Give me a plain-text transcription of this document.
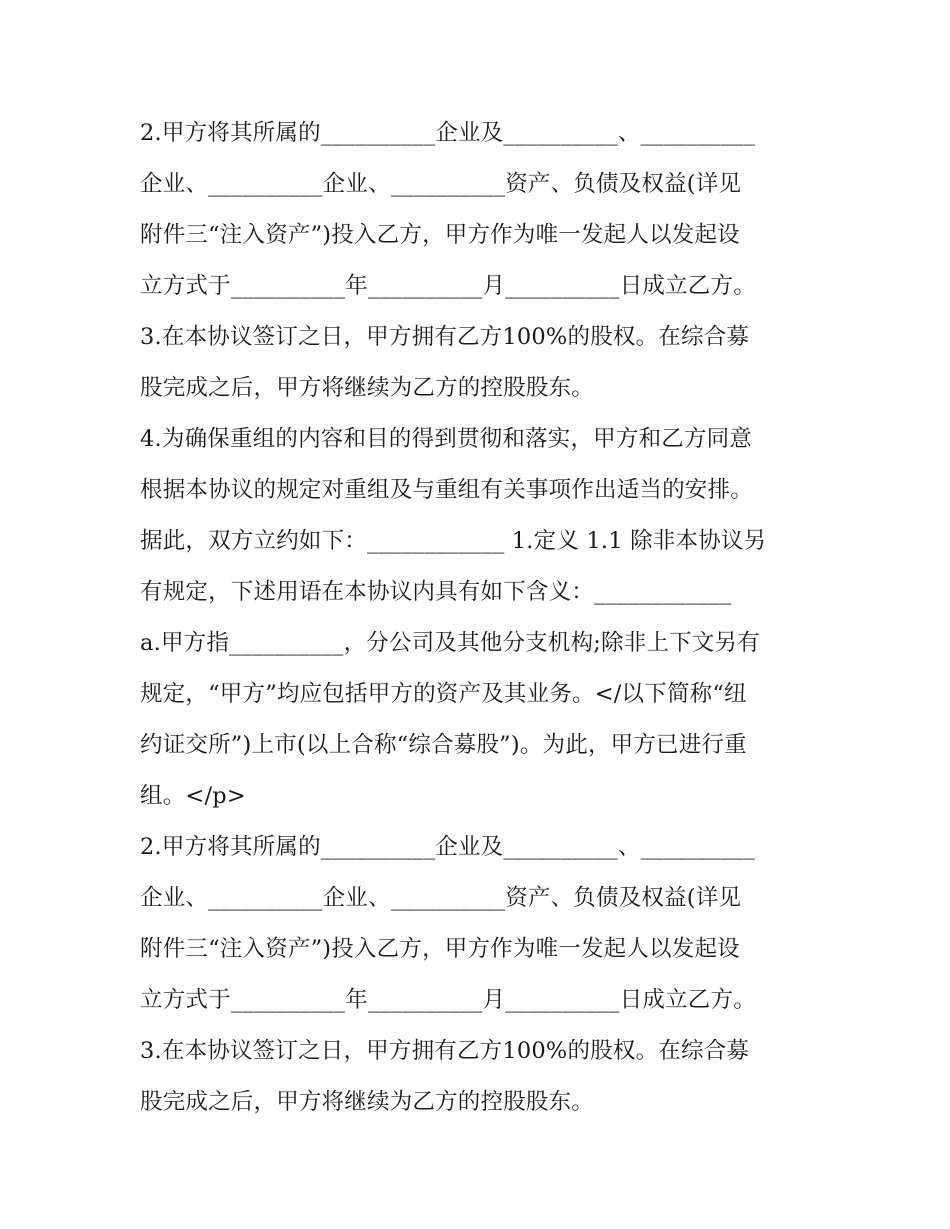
2.甲方将其所属的__________企业及__________、__________
企业、__________企业、__________资产、负债及权益(详见
附件三“注入资产”)投入乙方，甲方作为唯一发起人以发起设
立方式于__________年__________月__________日成立乙方。
3.在本协议签订之日，甲方拥有乙方100%的股权。在综合募
股完成之后，甲方将继续为乙方的控股股东。
4.为确保重组的内容和目的得到贯彻和落实，甲方和乙方同意
根据本协议的规定对重组及与重组有关事项作出适当的安排。
据此，双方立约如下：____________ 1.定义 1.1 除非本协议另
有规定，下述用语在本协议内具有如下含义：____________
a.甲方指__________，分公司及其他分支机构;除非上下文另有
规定，“甲方”均应包括甲方的资产及其业务。</以下简称“纽
约证交所”)上市(以上合称“综合募股”)。为此，甲方已进行重
组。</p>
2.甲方将其所属的__________企业及__________、__________
企业、__________企业、__________资产、负债及权益(详见
附件三“注入资产”)投入乙方，甲方作为唯一发起人以发起设
立方式于__________年__________月__________日成立乙方。
3.在本协议签订之日，甲方拥有乙方100%的股权。在综合募
股完成之后，甲方将继续为乙方的控股股东。
